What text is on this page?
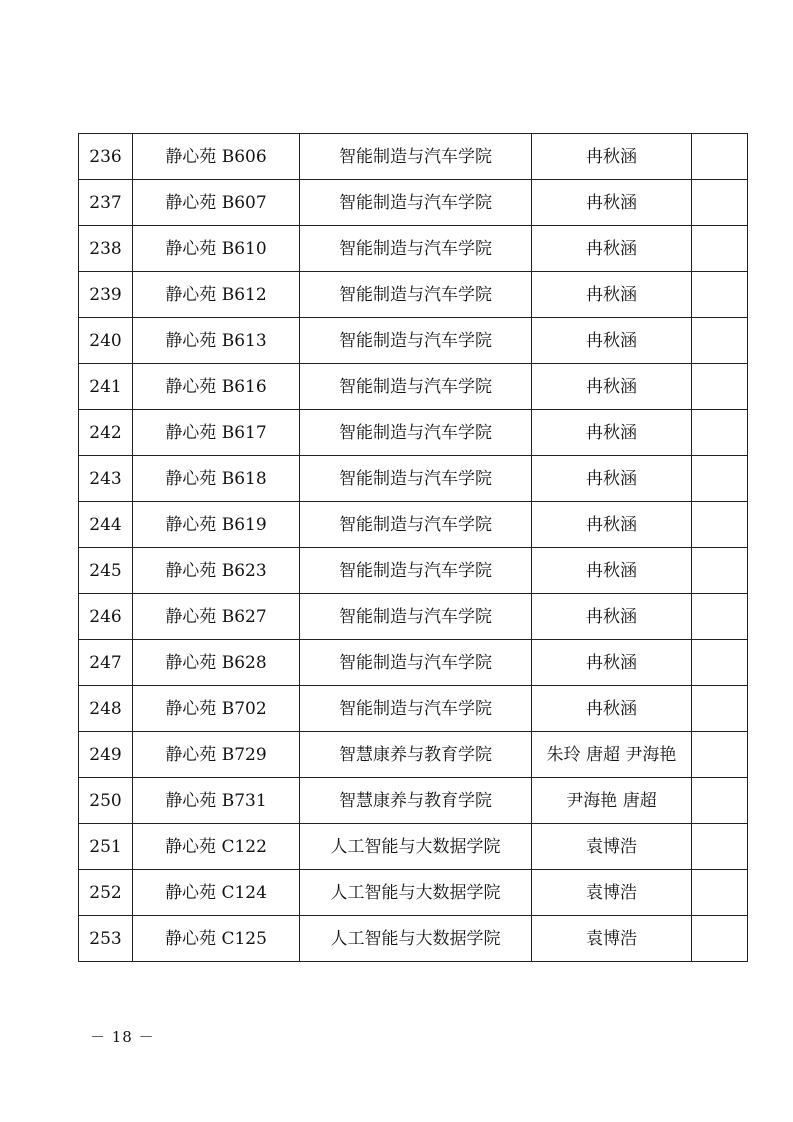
236	静心苑 B606	智能制造与汽车学院	冉秋涵	
237	静心苑 B607	智能制造与汽车学院	冉秋涵	
238	静心苑 B610	智能制造与汽车学院	冉秋涵	
239	静心苑 B612	智能制造与汽车学院	冉秋涵	
240	静心苑 B613	智能制造与汽车学院	冉秋涵	
241	静心苑 B616	智能制造与汽车学院	冉秋涵	
242	静心苑 B617	智能制造与汽车学院	冉秋涵	
243	静心苑 B618	智能制造与汽车学院	冉秋涵	
244	静心苑 B619	智能制造与汽车学院	冉秋涵	
245	静心苑 B623	智能制造与汽车学院	冉秋涵	
246	静心苑 B627	智能制造与汽车学院	冉秋涵	
247	静心苑 B628	智能制造与汽车学院	冉秋涵	
248	静心苑 B702	智能制造与汽车学院	冉秋涵	
249	静心苑 B729	智慧康养与教育学院	朱玲 唐超 尹海艳	
250	静心苑 B731	智慧康养与教育学院	尹海艳 唐超	
251	静心苑 C122	人工智能与大数据学院	袁博浩	
252	静心苑 C124	人工智能与大数据学院	袁博浩	
253	静心苑 C125	人工智能与大数据学院	袁博浩	
－ 18 －
